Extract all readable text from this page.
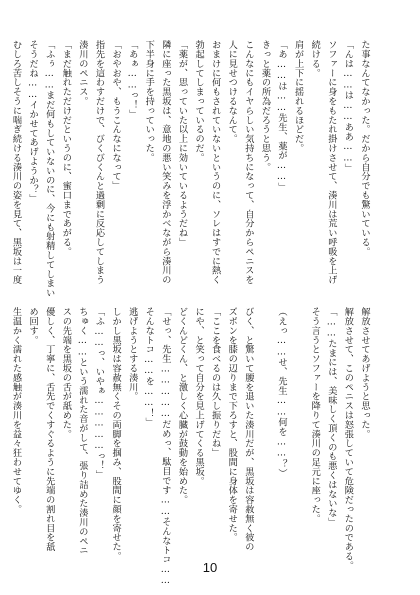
た事なんてなかった。だから自分でも驚いている。
「んは……は……ああ……」
ソファーに身をもたれ掛けさせて、湊川は荒い呼吸を上げ
続ける。
肩が上下に揺れるほどだ。
「あ……は……先生、薬が……」
きっと薬の所為だろうと思う。
こんなにもイヤらしい気持ちになって、自分からペニスを
人に見せつけるなんて。
おまけに何もされていないというのに、ソレはすでに熱く
勃起してしまっているのだ。
「薬が、思っていた以上に効いているようだね」
隣に座った黒坂は、意地の悪い笑みを浮かべながら湊川の
下半身に手を持っていった。
「あぁ……っ！」
「おやおや、もうこんなになって」
指先を這わすだけで、びくびくんと過剰に反応してしまう
湊川のペニス。
「まだ触れただけだというのに、蜜口まであがる。
「ふぅ……まだ何もしていないのに、今にも射精してしまい
そうだね……イかせてあげようか？」
むしろ苦しそうに喘ぎ続ける湊川の姿を見て、黒坂は一度

解放させてあげようと思った。
解放させて、このペニスは怒張していて危険だったのである。
「……たまには、美味しく頂くのも悪くはないな」
そう言うとソファーを降りて湊川の足元に座った。

（えっ……せ、先生……何を……？）

びく、と驚いて腰を退いた湊川だが、黒坂は容赦無く彼の
ズボンを膝の辺りまで下ろすと、股間に身体を寄せた。
「ここを食べるのは久し振りだね」
にや、と笑って自分を見上げてくる黒坂。
どくんどくん、と激しく心臓が鼓動を始めた。
「せっ、先生……………だめっ、駄目です……そんなトコ……
そんなトコ……を……！」
逃げようとする湊川。
しかし黒坂は容赦無くその両脚を掴み、股間に顔を寄せた。
「ふ……っ、いやぁ……………っ！」
ちゅく……という濡れた音がして、張り詰めた湊川のペニ
スの先端を黒坂の舌が舐めた。
優しく、丁寧に、舌先でくすぐるように先端の割れ目を舐
め回す。
生温かく濡れた感触が湊川を益々狂わせてゆく。

10
